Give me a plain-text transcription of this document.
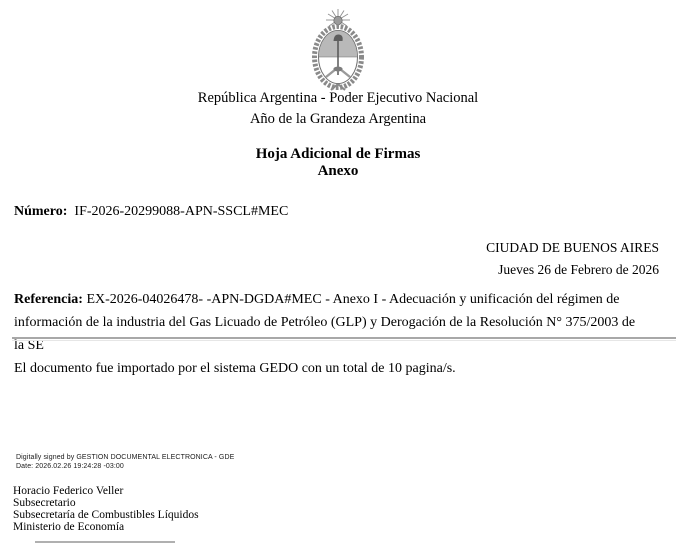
República Argentina - Poder Ejecutivo Nacional
Año de la Grandeza Argentina
Hoja Adicional de Firmas
Anexo
Número: IF-2026-20299088-APN-SSCL#MEC
CIUDAD DE BUENOS AIRES
Jueves 26 de Febrero de 2026
Referencia: EX-2026-04026478- -APN-DGDA#MEC - Anexo I - Adecuación y unificación del régimen de información de la industria del Gas Licuado de Petróleo (GLP) y Derogación de la Resolución N° 375/2003 de la SE
El documento fue importado por el sistema GEDO con un total de 10 pagina/s.
Digitally signed by GESTION DOCUMENTAL ELECTRONICA - GDE
Date: 2026.02.26 19:24:28 -03:00
Horacio Federico Veller
Subsecretario
Subsecretaría de Combustibles Líquidos
Ministerio de Economía
